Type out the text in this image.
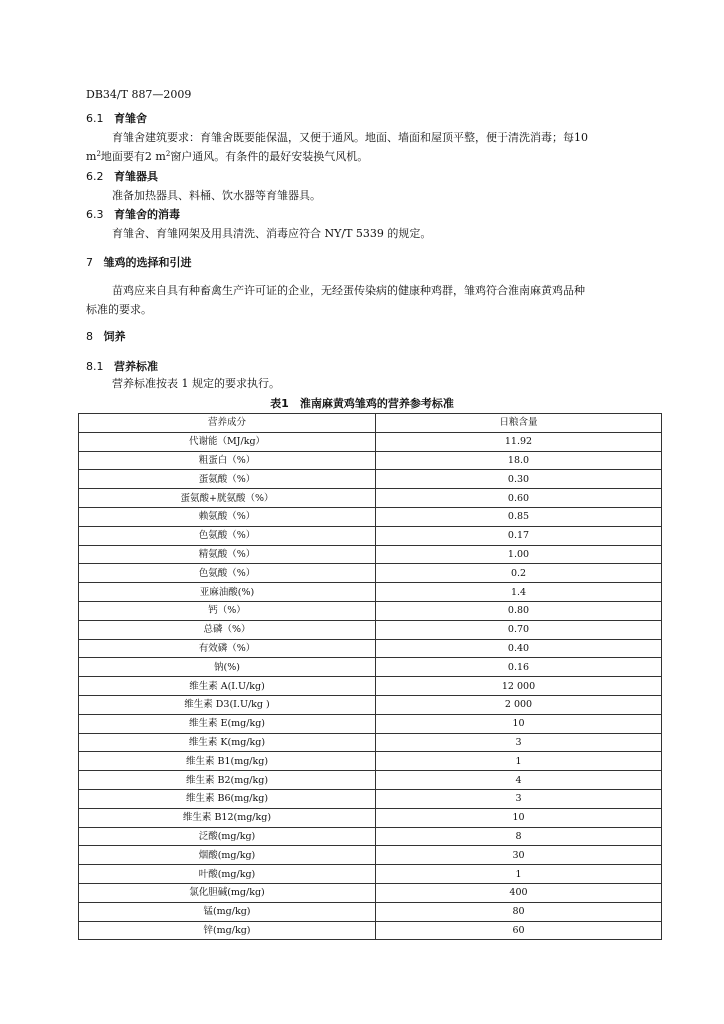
DB34/T 887—2009
6.1 育雏舍
育雏舍建筑要求：育雏舍既要能保温，又便于通风。地面、墙面和屋顶平整，便于清洗消毒；每10
$m^2$地面要有2 $m^2$窗户通风。有条件的最好安装换气风机。
6.2 育雏器具
准备加热器具、料桶、饮水器等育雏器具。
6.3 育雏舍的消毒
育雏舍、育雏网架及用具清洗、消毒应符合 NY/T 5339 的规定。
7 雏鸡的选择和引进
苗鸡应来自具有种畜禽生产许可证的企业，无经蛋传染病的健康种鸡群，雏鸡符合淮南麻黄鸡品种
标准的要求。
8 饲养
8.1 营养标准
营养标准按表 1 规定的要求执行。
表1　淮南麻黄鸡雏鸡的营养参考标准
营养成分	日粮含量
代谢能（MJ/kg）	11.92
粗蛋白（%）	18.0
蛋氨酸（%）	0.30
蛋氨酸+胱氨酸（%）	0.60
赖氨酸（%）	0.85
色氨酸（%）	0.17
精氨酸（%）	1.00
色氨酸（%）	0.2
亚麻油酸(%)	1.4
钙（%）	0.80
总磷（%）	0.70
有效磷（%）	0.40
钠(%)	0.16
维生素 A(I.U/kg)	12 000
维生素 D3(I.U/kg )	2 000
维生素 E(mg/kg)	10
维生素 K(mg/kg)	3
维生素 B1(mg/kg)	1
维生素 B2(mg/kg)	4
维生素 B6(mg/kg)	3
维生素 B12(mg/kg)	10
泛酸(mg/kg)	8
烟酸(mg/kg)	30
叶酸(mg/kg)	1
氯化胆碱(mg/kg)	400
锰(mg/kg)	80
锌(mg/kg)	60
